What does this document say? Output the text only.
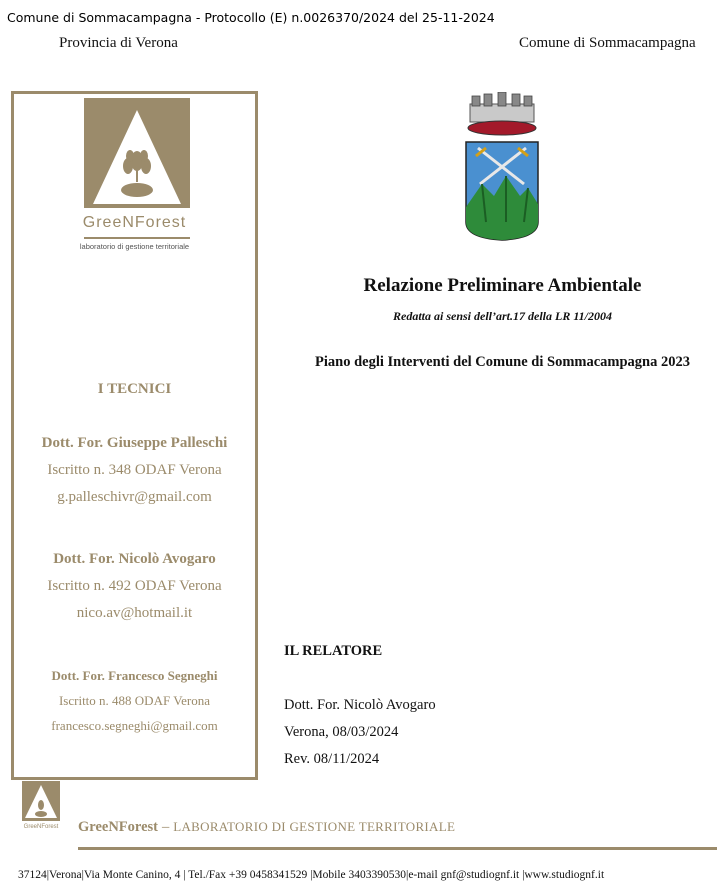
Comune di Sommacampagna - Protocollo (E) n.0026370/2024 del 25-11-2024
Provincia di Verona	Comune di Sommacampagna
GreeNForest
laboratorio di gestione territoriale
I TECNICI
Dott. For. Giuseppe Palleschi
Iscritto n. 348 ODAF Verona
g.palleschivr@gmail.com
Dott. For. Nicolò Avogaro
Iscritto n. 492 ODAF Verona
nico.av@hotmail.it
Dott. For. Francesco Segneghi
Iscritto n. 488 ODAF Verona
francesco.segneghi@gmail.com
Relazione Preliminare Ambientale
Redatta ai sensi dell’art.17 della LR 11/2004
Piano degli Interventi del Comune di Sommacampagna 2023
IL RELATORE
Dott. For. Nicolò Avogaro
Verona, 08/03/2024
Rev. 08/11/2024
GreeNForest GreeNForest – LABORATORIO DI GESTIONE TERRITORIALE
37124|Verona|Via Monte Canino, 4 | Tel./Fax +39 0458341529 |Mobile 3403390530|e-mail gnf@studiognf.it |www.studiognf.it
